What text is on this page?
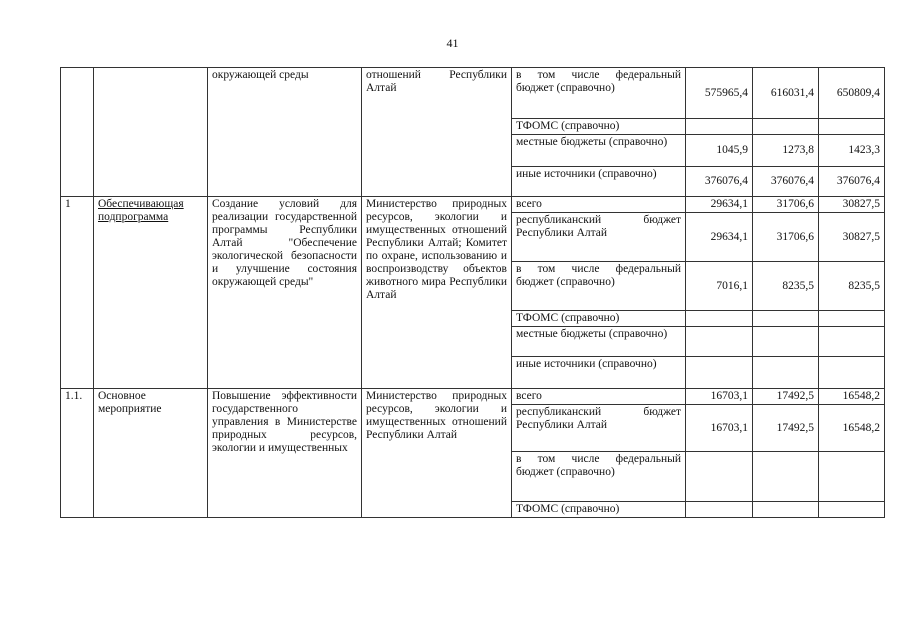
41
		окружающей среды	отношений Республики Алтай	в том числе федеральный бюджет (справочно)	575965,4	616031,4	650809,4
				ТФОМС (справочно)			
				местные бюджеты (справочно)	1045,9	1273,8	1423,3
				иные источники (справочно)	376076,4	376076,4	376076,4
1	Обеспечивающая подпрограмма	Создание условий для реализации государственной программы Республики Алтай "Обеспечение экологической безопасности и улучшение состояния окружающей среды"	Министерство природных ресурсов, экологии и имущественных отношений Республики Алтай; Комитет по охране, использованию и воспроизводству объектов животного мира Республики Алтай	всего	29634,1	31706,6	30827,5
				республиканский бюджет Республики Алтай	29634,1	31706,6	30827,5
				в том числе федеральный бюджет (справочно)	7016,1	8235,5	8235,5
				ТФОМС (справочно)			
				местные бюджеты (справочно)			
				иные источники (справочно)			
1.1.	Основное мероприятие	Повышение эффективности государственного управления в Министерстве природных ресурсов, экологии и имущественных	Министерство природных ресурсов, экологии и имущественных отношений Республики Алтай	всего	16703,1	17492,5	16548,2
				республиканский бюджет Республики Алтай	16703,1	17492,5	16548,2
				в том числе федеральный бюджет (справочно)			
				ТФОМС (справочно)			
